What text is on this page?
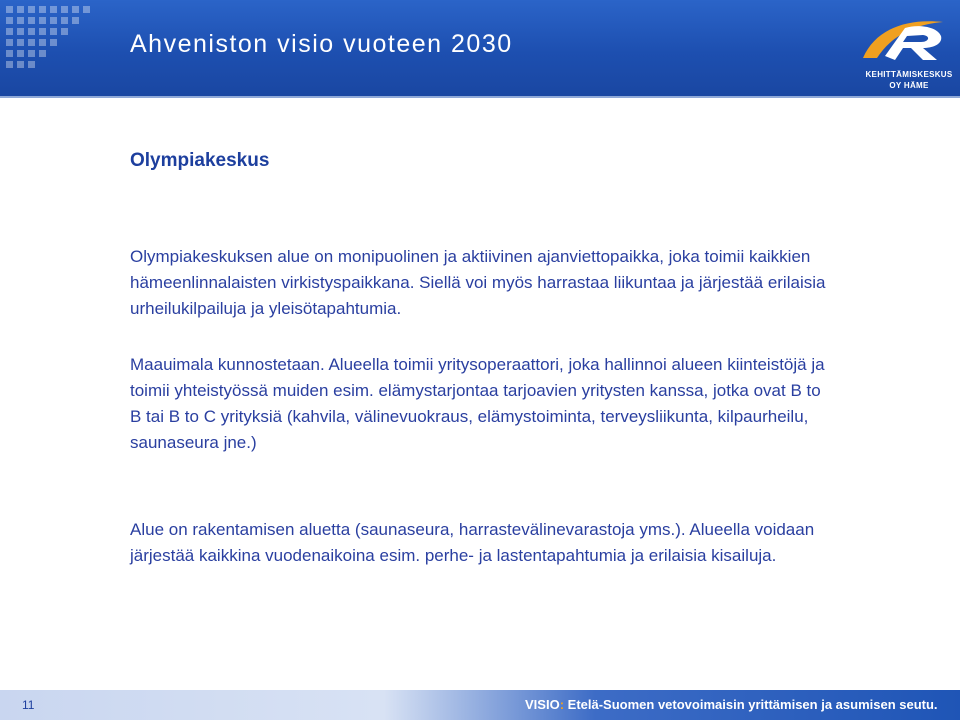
Ahveniston visio vuoteen 2030
KEHITTÄMISKESKUS
OY HÄME
Olympiakeskus

Olympiakeskuksen alue on monipuolinen ja aktiivinen ajanviettopaikka, joka toimii kaikkien hämeenlinnalaisten virkistyspaikkana. Siellä voi myös harrastaa liikuntaa ja järjestää erilaisia urheilukilpailuja ja yleisötapahtumia.

Maauimala kunnostetaan. Alueella toimii yritysoperaattori, joka hallinnoi alueen kiinteistöjä ja toimii yhteistyössä muiden esim. elämystarjontaa tarjoavien yritysten kanssa, jotka ovat B to B tai B to C yrityksiä (kahvila, välinevuokraus, elämystoiminta, terveysliikunta, kilpaurheilu, saunaseura jne.)

Alue on rakentamisen aluetta (saunaseura, harrastevälinevarastoja yms.). Alueella voidaan järjestää kaikkina vuodenaikoina esim. perhe- ja lastentapahtumia ja erilaisia kisailuja.

11	VISIO: Etelä-Suomen vetovoimaisin yrittämisen ja asumisen seutu.
